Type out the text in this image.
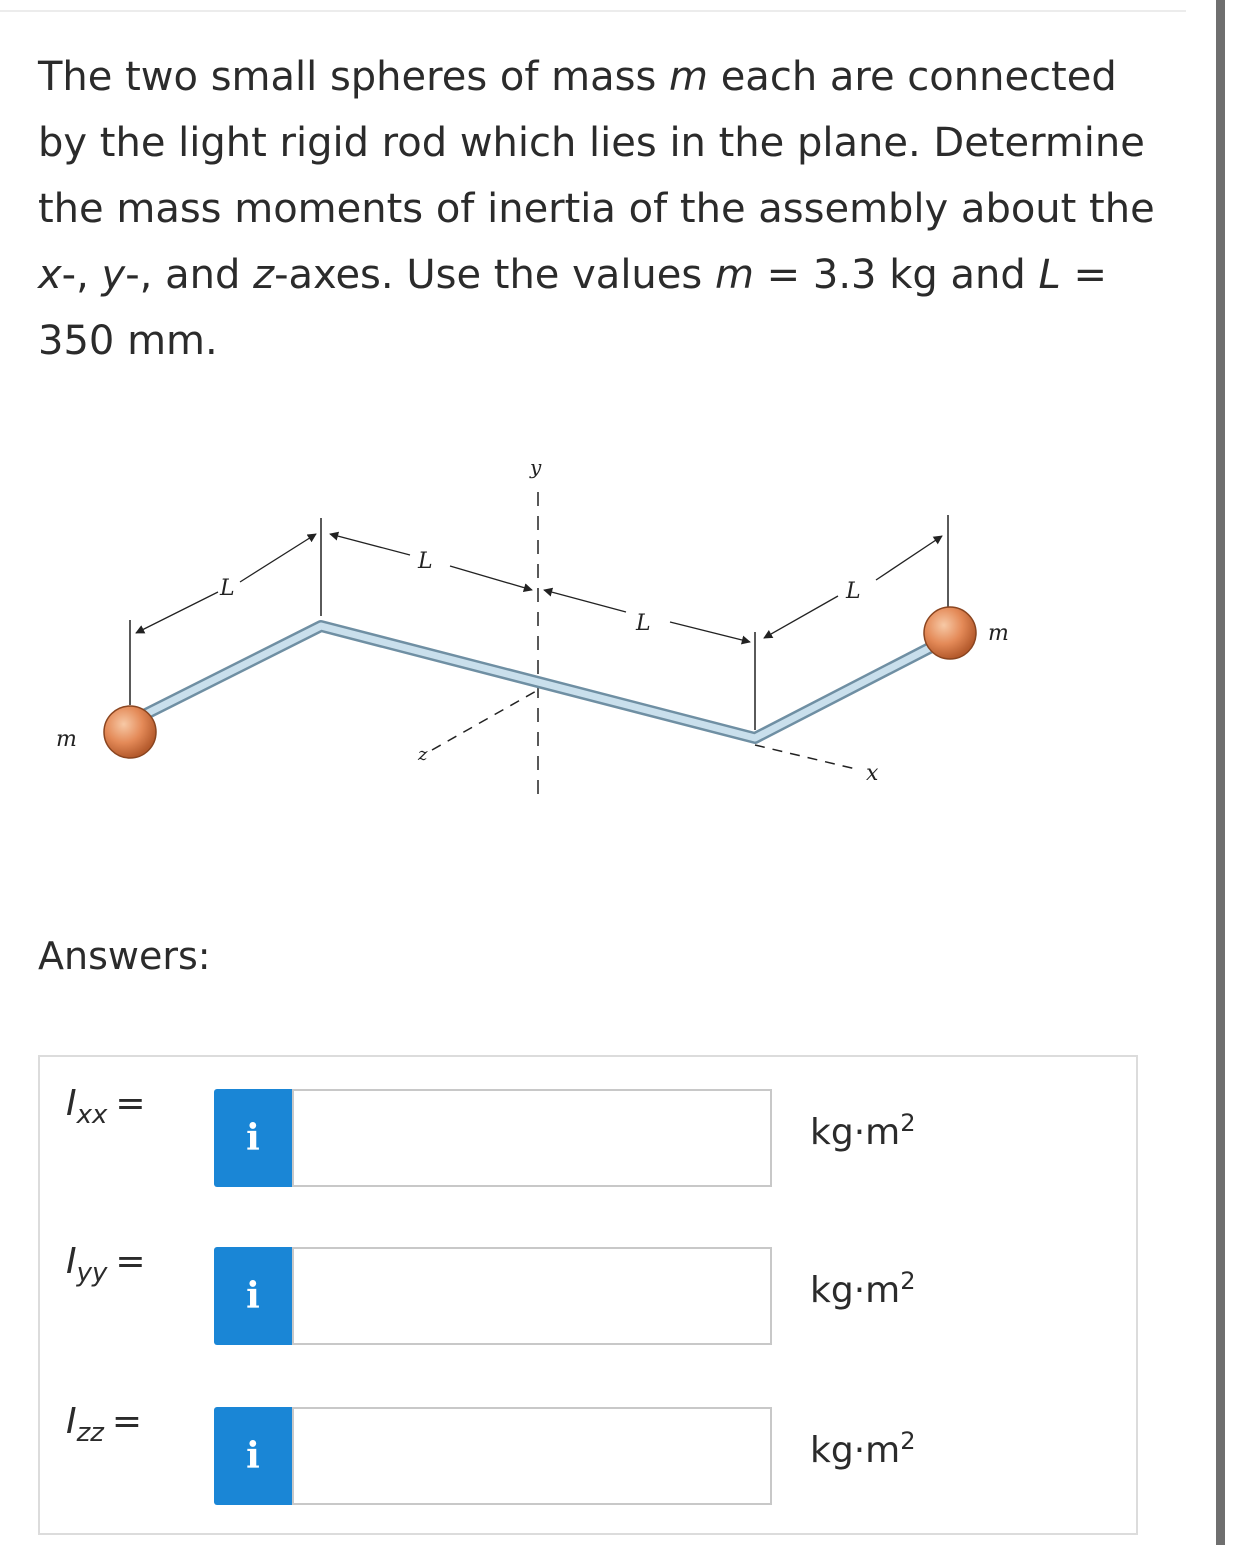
The two small spheres of mass m each are connected by the light rigid rod which lies in the plane. Determine the mass moments of inertia of the assembly about the x-, y-, and z-axes. Use the values m = 3.3 kg and L = 350 mm.

m
m
L
L
L
L
y
z
x
Answers:
$I_{xx}$ =
i	$kg\cdot m^2$
$I_{yy}$ =
i	$kg\cdot m^2$
$I_{zz}$ =
i	$kg\cdot m^2$
